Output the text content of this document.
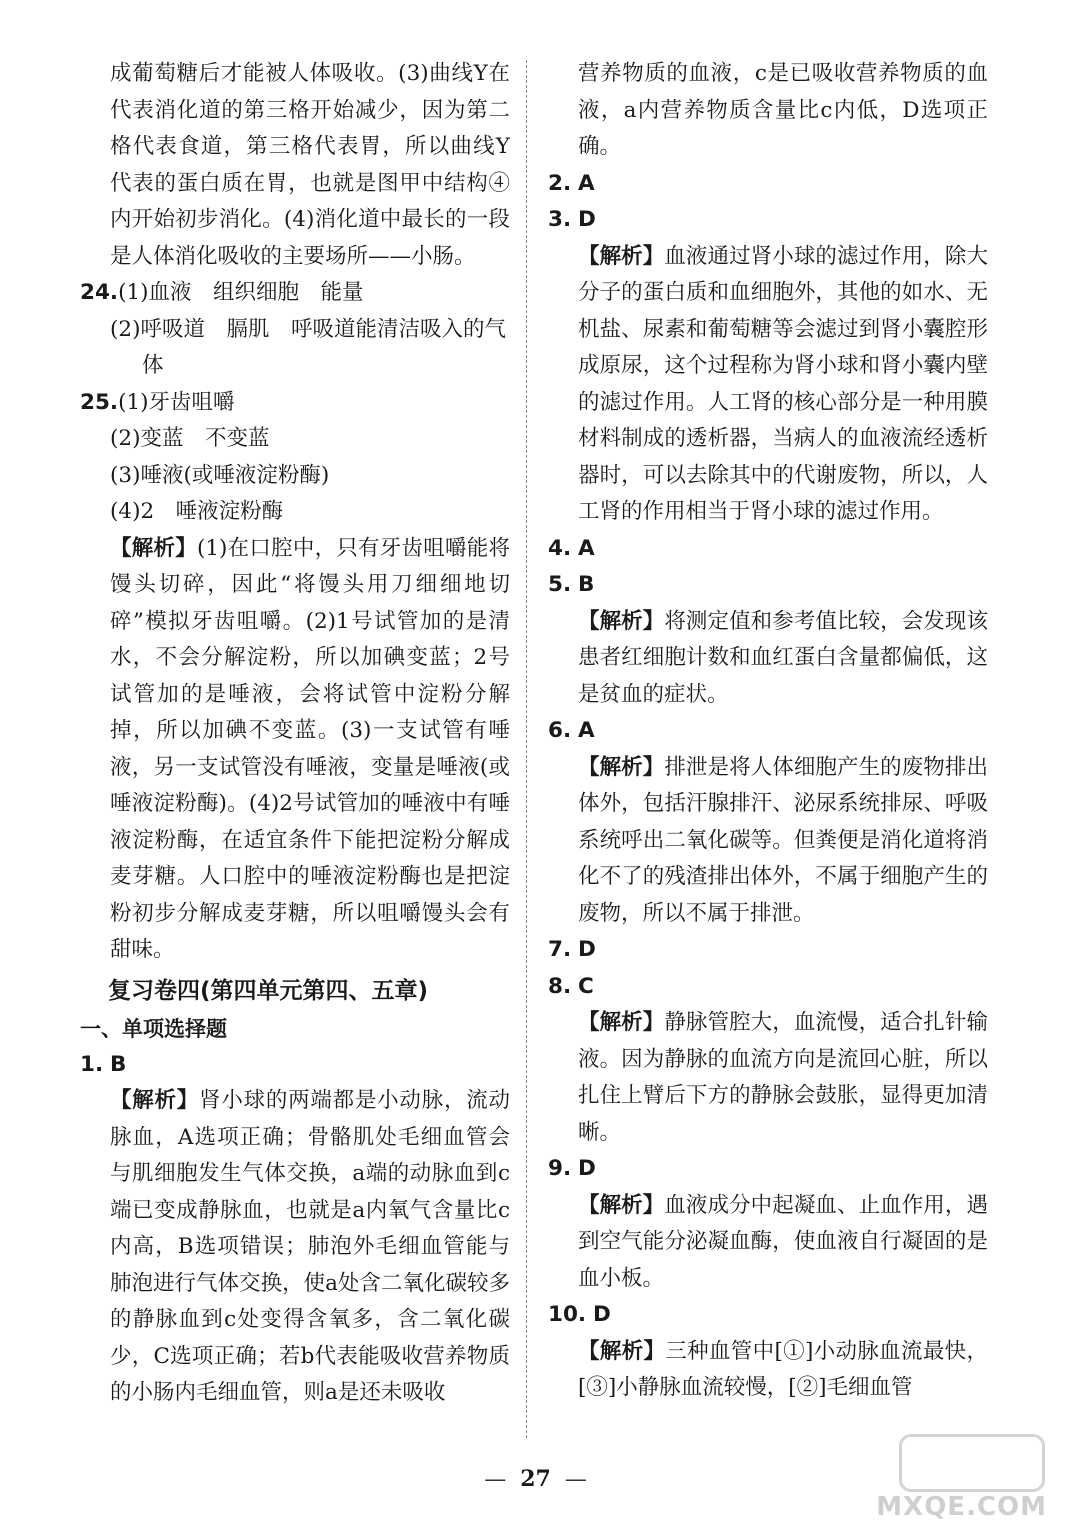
成葡萄糖后才能被人体吸收。(3)曲线Y在代表消化道的第三格开始减少，因为第二格代表食道，第三格代表胃，所以曲线Y代表的蛋白质在胃，也就是图甲中结构④内开始初步消化。(4)消化道中最长的一段是人体消化吸收的主要场所——小肠。

24.(1)血液　组织细胞　能量

(2)呼吸道　膈肌　呼吸道能清洁吸入的气体

25.(1)牙齿咀嚼

(2)变蓝　不变蓝

(3)唾液(或唾液淀粉酶)

(4)2　唾液淀粉酶

【解析】(1)在口腔中，只有牙齿咀嚼能将馒头切碎，因此“将馒头用刀细细地切碎”模拟牙齿咀嚼。(2)1号试管加的是清水，不会分解淀粉，所以加碘变蓝；2号试管加的是唾液，会将试管中淀粉分解掉，所以加碘不变蓝。(3)一支试管有唾液，另一支试管没有唾液，变量是唾液(或唾液淀粉酶)。(4)2号试管加的唾液中有唾液淀粉酶，在适宜条件下能把淀粉分解成麦芽糖。人口腔中的唾液淀粉酶也是把淀粉初步分解成麦芽糖，所以咀嚼馒头会有甜味。

复习卷四(第四单元第四、五章)
一、单项选择题

1. B

【解析】肾小球的两端都是小动脉，流动脉血，A选项正确；骨骼肌处毛细血管会与肌细胞发生气体交换，a端的动脉血到c端已变成静脉血，也就是a内氧气含量比c内高，B选项错误；肺泡外毛细血管能与肺泡进行气体交换，使a处含二氧化碳较多的静脉血到c处变得含氧多，含二氧化碳少，C选项正确；若b代表能吸收营养物质的小肠内毛细血管，则a是还未吸收

营养物质的血液，c是已吸收营养物质的血液，a内营养物质含量比c内低，D选项正确。

2. A

3. D

【解析】血液通过肾小球的滤过作用，除大分子的蛋白质和血细胞外，其他的如水、无机盐、尿素和葡萄糖等会滤过到肾小囊腔形成原尿，这个过程称为肾小球和肾小囊内壁的滤过作用。人工肾的核心部分是一种用膜材料制成的透析器，当病人的血液流经透析器时，可以去除其中的代谢废物，所以，人工肾的作用相当于肾小球的滤过作用。

4. A

5. B

【解析】将测定值和参考值比较，会发现该患者红细胞计数和血红蛋白含量都偏低，这是贫血的症状。

6. A

【解析】排泄是将人体细胞产生的废物排出体外，包括汗腺排汗、泌尿系统排尿、呼吸系统呼出二氧化碳等。但粪便是消化道将消化不了的残渣排出体外，不属于细胞产生的废物，所以不属于排泄。

7. D

8. C

【解析】静脉管腔大，血流慢，适合扎针输液。因为静脉的血流方向是流回心脏，所以扎住上臂后下方的静脉会鼓胀，显得更加清晰。

9. D

【解析】血液成分中起凝血、止血作用，遇到空气能分泌凝血酶，使血液自行凝固的是血小板。

10. D

【解析】三种血管中[①]小动脉血流最快，[③]小静脉血流较慢，[②]毛细血管

— 27 —
MXQE.COM
